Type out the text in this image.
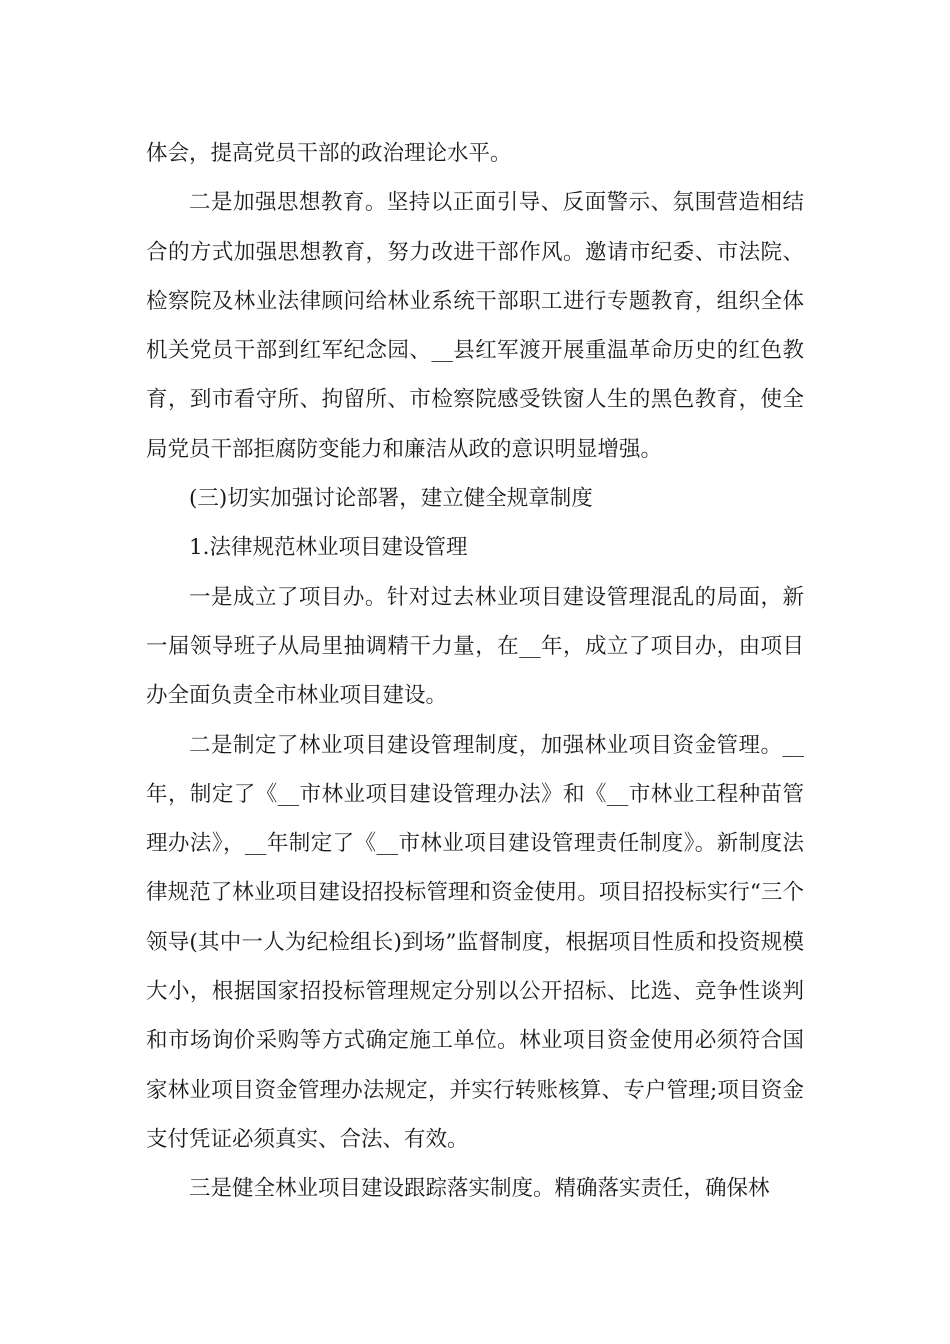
体会，提高党员干部的政治理论水平。

二是加强思想教育。坚持以正面引导、反面警示、氛围营造相结合的方式加强思想教育，努力改进干部作风。邀请市纪委、市法院、检察院及林业法律顾问给林业系统干部职工进行专题教育，组织全体机关党员干部到红军纪念园、__县红军渡开展重温革命历史的红色教育，到市看守所、拘留所、市检察院感受铁窗人生的黑色教育，使全局党员干部拒腐防变能力和廉洁从政的意识明显增强。

(三)切实加强讨论部署，建立健全规章制度

1.法律规范林业项目建设管理

一是成立了项目办。针对过去林业项目建设管理混乱的局面，新一届领导班子从局里抽调精干力量，在__年，成立了项目办，由项目办全面负责全市林业项目建设。

二是制定了林业项目建设管理制度，加强林业项目资金管理。__年，制定了《__市林业项目建设管理办法》和《__市林业工程种苗管理办法》，__年制定了《__市林业项目建设管理责任制度》。新制度法律规范了林业项目建设招投标管理和资金使用。项目招投标实行“三个领导(其中一人为纪检组长)到场”监督制度，根据项目性质和投资规模大小，根据国家招投标管理规定分别以公开招标、比选、竞争性谈判和市场询价采购等方式确定施工单位。林业项目资金使用必须符合国家林业项目资金管理办法规定，并实行转账核算、专户管理;项目资金支付凭证必须真实、合法、有效。

三是健全林业项目建设跟踪落实制度。精确落实责任，确保林
